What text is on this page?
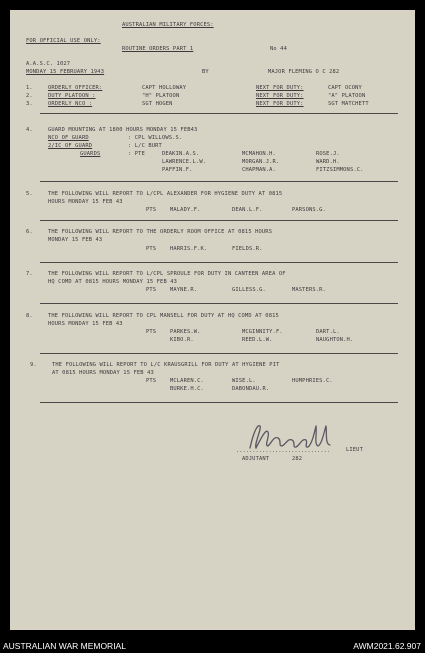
AUSTRALIAN MILITARY FORCES:
FOR OFFICIAL USE ONLY:
ROUTINE ORDERS PART 1	No 44
A.A.S.C. 1027
MONDAY 15 FEBRUARY 1943	BY	MAJOR FLEMING O C 282
1.	ORDERLY OFFICER:	CAPT HOLLOWAY	NEXT FOR DUTY:	CAPT OCONY
2.	DUTY PLATOON :	"H" PLATOON	NEXT FOR DUTY:	"A" PLATOON
3.	ORDERLY NCO :	SGT HOGEN	NEXT FOR DUTY:	SGT MATCHETT
4.	GUARD MOUNTING AT 1800 HOURS MONDAY 15 FEB43
NCO OF GUARD	: CPL WILLOWS.S.
2/IC OF GUARD	: L/C BURT
GUARDS	: PTE	DEAKIN.A.S.	MCMAHON.H.	ROSE.J.
LAWRENCE.L.W.	MORGAN.J.R.	WARD.H.
PAFFIN.F.	CHAPMAN.A.	FITZSIMMONS.C.
5.	THE FOLLOWING WILL REPORT TO L/CPL ALEXANDER FOR HYGIENE DUTY AT 0815
HOURS MONDAY 15 FEB 43
PTS	MALADY.F.	DEAN.L.F.	PARSONS.G.
6.	THE FOLLOWING WILL REPORT TO THE ORDERLY ROOM OFFICE AT 0815 HOURS
MONDAY 15 FEB 43
PTS	HARRIS.F.K.	FIELDS.R.
7.	THE FOLLOWING WILL REPORT TO L/CPL SPROULE FOR DUTY IN CANTEEN AREA OF
HQ COMD AT 0815 HOURS MONDAY 15 FEB 43
PTS	MAYNE.R.	GILLESS.G.	MASTERS.R.
8.	THE FOLLOWING WILL REPORT TO CPL MANSELL FOR DUTY AT HQ COMD AT 0815
HOURS MONDAY 15 FEB 43
PTS	PARKES.W.	MCGINNITY.F.	DART.L.
KIBO.R.	REED.L.W.	NAUGHTON.H.
9.	THE FOLLOWING WILL REPORT TO L/C KRAUSGRILL FOR DUTY AT HYGIENE PIT
AT 0815 HOURS MONDAY 15 FEB 43
PTS	MCLAREN.C.	WISE.L.	HUMPHRIES.C.
BURKE.H.C.	DABONDAU.R.
.............................	LIEUT
ADJUTANT	282
AUSTRALIAN WAR MEMORIAL	AWM2021.62.907
